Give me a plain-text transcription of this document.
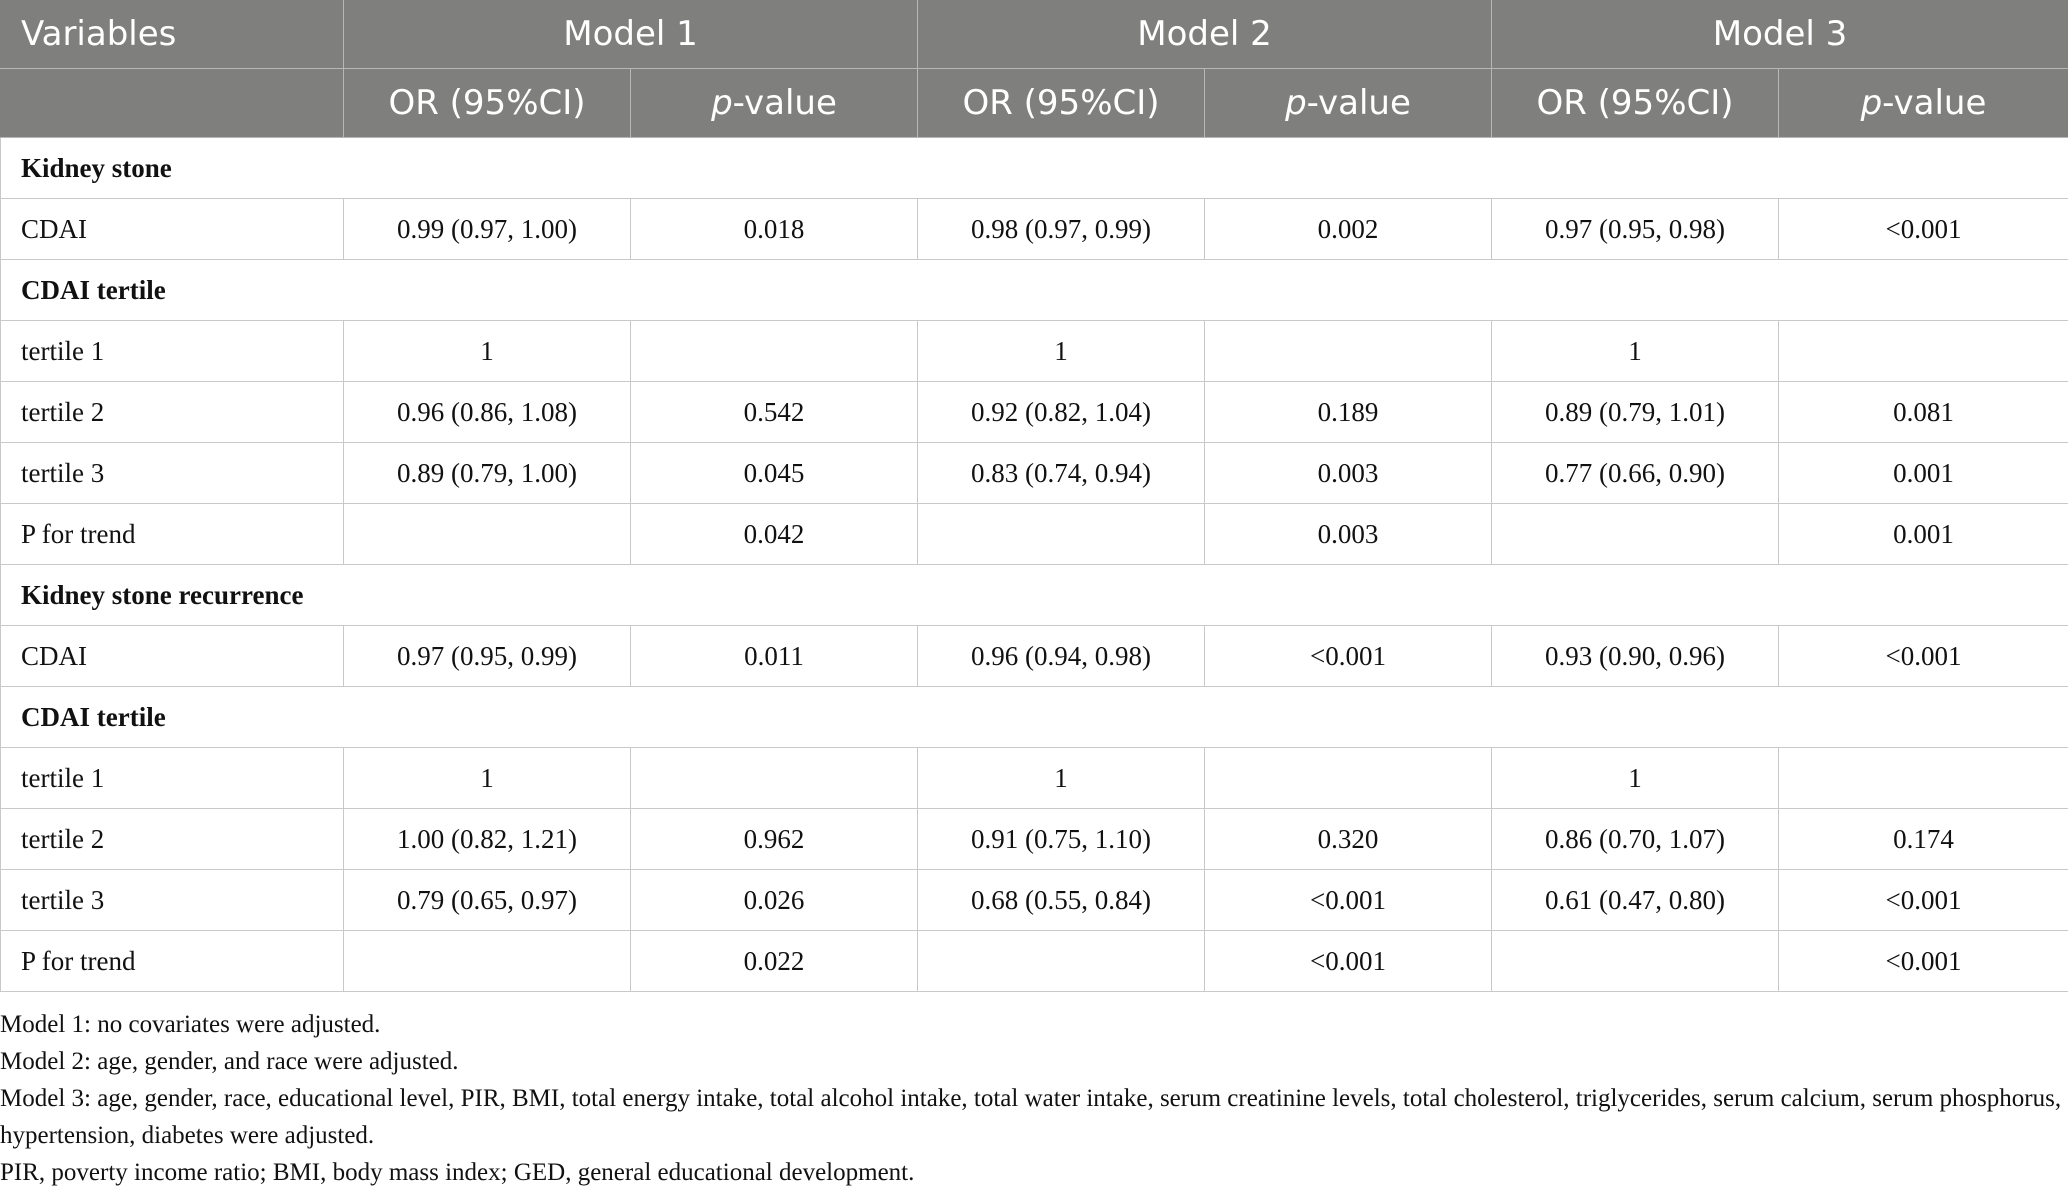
Variables	Model 1		Model 2		Model 3	
	OR (95%CI)	p-value	OR (95%CI)	p-value	OR (95%CI)	p-value
Kidney stone						
CDAI	0.99 (0.97, 1.00)	0.018	0.98 (0.97, 0.99)	0.002	0.97 (0.95, 0.98)	<0.001
CDAI tertile						
tertile 1	1		1		1	
tertile 2	0.96 (0.86, 1.08)	0.542	0.92 (0.82, 1.04)	0.189	0.89 (0.79, 1.01)	0.081
tertile 3	0.89 (0.79, 1.00)	0.045	0.83 (0.74, 0.94)	0.003	0.77 (0.66, 0.90)	0.001
P for trend		0.042		0.003		0.001
Kidney stone recurrence						
CDAI	0.97 (0.95, 0.99)	0.011	0.96 (0.94, 0.98)	<0.001	0.93 (0.90, 0.96)	<0.001
CDAI tertile						
tertile 1	1		1		1	
tertile 2	1.00 (0.82, 1.21)	0.962	0.91 (0.75, 1.10)	0.320	0.86 (0.70, 1.07)	0.174
tertile 3	0.79 (0.65, 0.97)	0.026	0.68 (0.55, 0.84)	<0.001	0.61 (0.47, 0.80)	<0.001
P for trend		0.022		<0.001		<0.001

Model 1: no covariates were adjusted.

Model 2: age, gender, and race were adjusted.

Model 3: age, gender, race, educational level, PIR, BMI, total energy intake, total alcohol intake, total water intake, serum creatinine levels, total cholesterol, triglycerides, serum calcium, serum phosphorus, hypertension, diabetes were adjusted.

PIR, poverty income ratio; BMI, body mass index; GED, general educational development.
